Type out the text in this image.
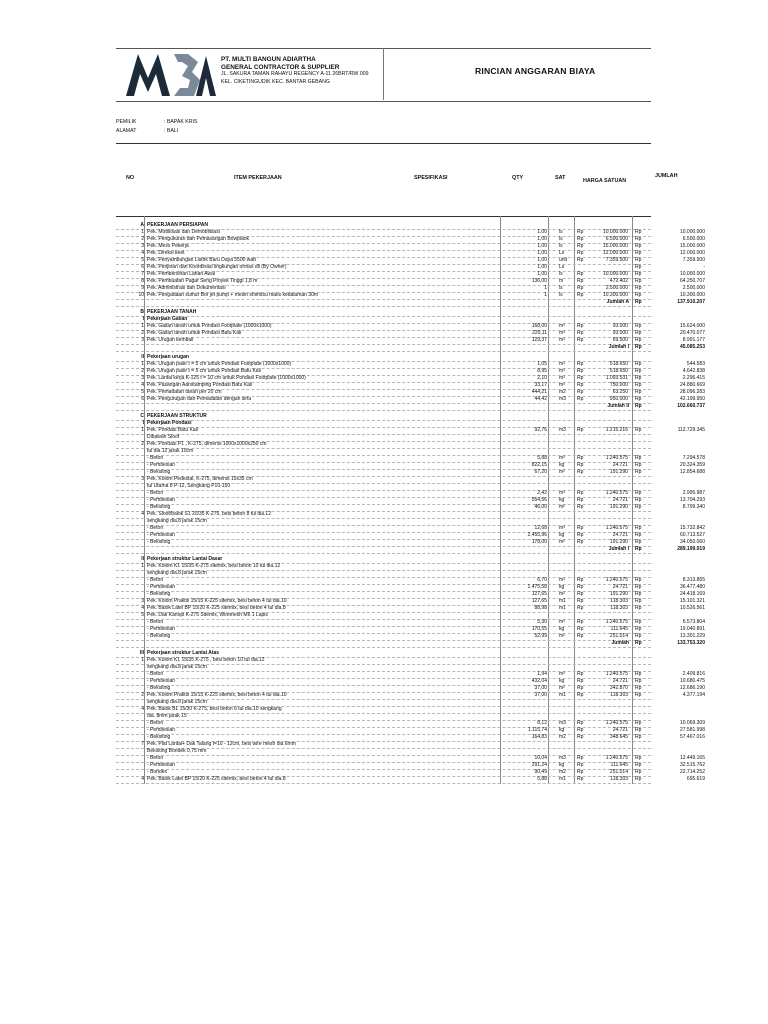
PT. MULTI BANGUN ADIARTHA
GENERAL CONTRACTOR & SUPPLIER
JL. SAKURA TAMAN RAHAYU REGENCY A-11 26BRT/RW 009
KEL. CIKETINGUDIK KEC. BANTAR GEBANG
RINCIAN ANGGARAN BIAYA
PEMILIK	: BAPAK KRIS
ALAMAT	: BALI
NO	ITEM PEKERJAAN	SPESIFIKASI	QTY	SAT	HARGA SATUAN
JUMLAH
A PEKERJAAN PERSIAPAN
1 Pek. Mobilisasi dan Demobilisasi	1,00 ls	Rp	10.000.000 Rp	10.000.000
2 Pek. Pengukuran dan Pemasangan Bowplank	1,00 ls	Rp	6.500.000 Rp	6.500.000
3 Pek. Mess Pekerja	1,00 ls	Rp	15.000.000 Rp	15.000.000
4 Pek. Direksi keet	1,00 Ls	Rp	12.000.000 Rp	12.000.000
5 Pek. Penyambungan Listrik Baru Daya 5500 watt	1,00 unit Rp	7.359.500 Rp	7.359.500
6 Pek. Perijinan dan Koordinasi lingkungan ormas dll (By Owner)	1,00 Ls	Rp	-
7 Pek. Pembersihan Lahan Awal	1,00 ls	Rp	10.000.000 Rp	10.000.000
8 Pek. Pembuatan Pagar Seng Proyek Tinggi 1,8 m	136,00 m	Rp	472.402 Rp	64.250.707
9 Pek. Administrasi dan Dokumentasi	1 ls	Rp	2.500.000 Rp	2.500.000
10 Pek. Pengadaan sumur Bor jet pump + mesin shimitsu maks kedalaman 30m	1 ls	Rp	10.300.000 Rp	10.300.000
Jumlah A Rp	137.910.207
B PEKERJAAN TANAH
I Pekerjaan Galian
1 Pek. Galian tanah untuk Pondasi Footplate (1000x1000)	168,00 m³ Rp	93.000 Rp	15.624.000
2 Pek. Galian tanah untuk Pondasi Batu Kali	220,11 m³ Rp	93.000 Rp	20.470.077
3 Pek. Urugan kembali	129,37 m³ Rp	69.500 Rp	8.991.177
Jumlah I Rp	45.085.253
II Pekerjaan urugan
1 Pek. Urugan pasir t = 5 cm untuk Pondasi Footplate (1000x1000)	1,05 m³ Rp	518.650 Rp	544.583
2 Pek. Urugan pasir t = 5 cm untuk Pondasi Batu Kali	8,95 m³ Rp	518.650 Rp	4.642.838
3 Pek. Lantai kerja K-125 t = 10 cm untuk Pondasi Footplate (1000x1000)	2,10 m³ Rp	1.093.531 Rp	2.296.415
4 Pek. Pasangan Aanstamping Pondasi Batu Kali	33,17 m³ Rp	750.000 Rp	24.880.669
5 Pek. Pemadatan tanah per 20 cm	444,21 m2 Rp	63.250 Rp	28.096.283
6 Pek. Pengurugan dan Pemadatan dengan sirtu	44,42 m3 Rp	950.000 Rp	42.199.950
Jumlah II Rp	102.660.737
C PEKERJAAN STRUKTUR
I Pekerjaan Pondasi
1 Pek. Pondasi Batu Kali	92,76 m3 Rp	1.215.216 Rp	112.729.345
Dibawah Sloof
2 Pek. Pondasi P1 , K-275, dimensi 1000x1000x250 cm
tul dia.12 jarak 10cm
- Beton	5,88 m³ Rp	1.240.575 Rp	7.294.578
- Pembesian	822,15 kg	Rp	24.721 Rp	20.324.359
- Bekisting	67,20 m² Rp	191.290 Rp	12.854.688
3 Pek. Kolom Pedestal, K-275, dimensi 15x35 cm
tul Utama 8 P-12, Sengkang P10-150
- Beton	2,42 m³ Rp	1.240.575 Rp	2.995.987
- Pembesian	554,56 kg	Rp	24.721 Rp	13.704.293
- Bekisting	46,00 m² Rp	191.290 Rp	8.799.340
4 Pek. Sloof/balok S1 20/35 K-275, besi beton 8 tul dia.12
sengkang dia.8 jarak 15cm
- Beton	12,68 m³ Rp	1.240.575 Rp	15.732.842
- Pembesian	2.455,96 kg	Rp	24.721 Rp	60.713.527
- Bekisting	178,00 m² Rp	191.290 Rp	34.050.060
Jumlah I Rp	289.199.019
II Pekerjaan struktur Lantai Dasar
1 Pek. Kolom K1 15/35 K-275 sitemix, besi beton 10 tul dia.12
sengkang dia.8 jarak 15cm
- Beton	6,70 m³ Rp	1.240.575 Rp	8.313.865
- Pembesian	1.475,58 kg	Rp	24.721 Rp	36.477.480
- Bekisting	127,65 m² Rp	191.290 Rp	24.418.169
3 Pek. Kolom Praktis 15/15 K-225 sitemix, besi beton 4 tul dia.10	127,65 m1 Rp	118.303 Rp	15.101.321
4 Pek. Balok Latei BP 15/20 K-225 sitemix, besi beton 4 tul dia.8	88,98 m1 Rp	118.303 Rp	10.526.561
5 Pek. Dak Kanopi K-275 Sitemix, Wiremesh M6 1 Lapis
- Beton	5,30 m³ Rp	1.240.575 Rp	6.573.804
- Pembesian	170,55 kg	Rp	111.645 Rp	19.040.891
- Bekisting	52,99 m² Rp	251.014 Rp	13.301.229
Jumlah Rp	133.753.320
III Pekerjaan struktur Lantai Atas
1 Pek. Kolom K1 15/35 K-275 , besi beton 10 tul dia.12
sengkang dia.8 jarak 15cm
- Beton	1,94 m³ Rp	1.240.575 Rp	2.409.816
- Pembesian	432,04 kg	Rp	24.721 Rp	10.680.475
- Bekisting	37,00 m² Rp	342.870 Rp	12.686.190
2 Pek. Kolom Praktis 15/15 K-225 sitemix, besi beton 4 tul dia.10	37,00 m1 Rp	118.303 Rp	4.377.194
sengkang dia.8 jarak 15cm
4 Pek. Balok BL 15/30 K-275, besi beton 6 tul dia.10 sengkang
dia. 8mm jarak 15
- Beton	8,12 m3 Rp	1.240.575 Rp	10.069.309
- Pembesian	1.115,74 kg	Rp	24.721 Rp	27.581.998
- Bekisting	164,83 m2 Rp	348.645 Rp	57.467.016
7 Pek. Plat Lantai+ Dak Talang t=10 - 12cm, besi wire mesh dia 6mm
Bekisting Bondek 0,75 mm
- Beton	10,04 m3 Rp	1.240.575 Rp	12.449.165
- Pembesian	291,24 kg	Rp	111.645 Rp	32.515.762
- Bondex	90,49 m2 Rp	251.014 Rp	22.714.252
4 Pek. Balok Latei BP 15/20 K-225 sitemix, besi beton 4 tul dia.8	5,88 m1 Rp	118.303 Rp	695.619
